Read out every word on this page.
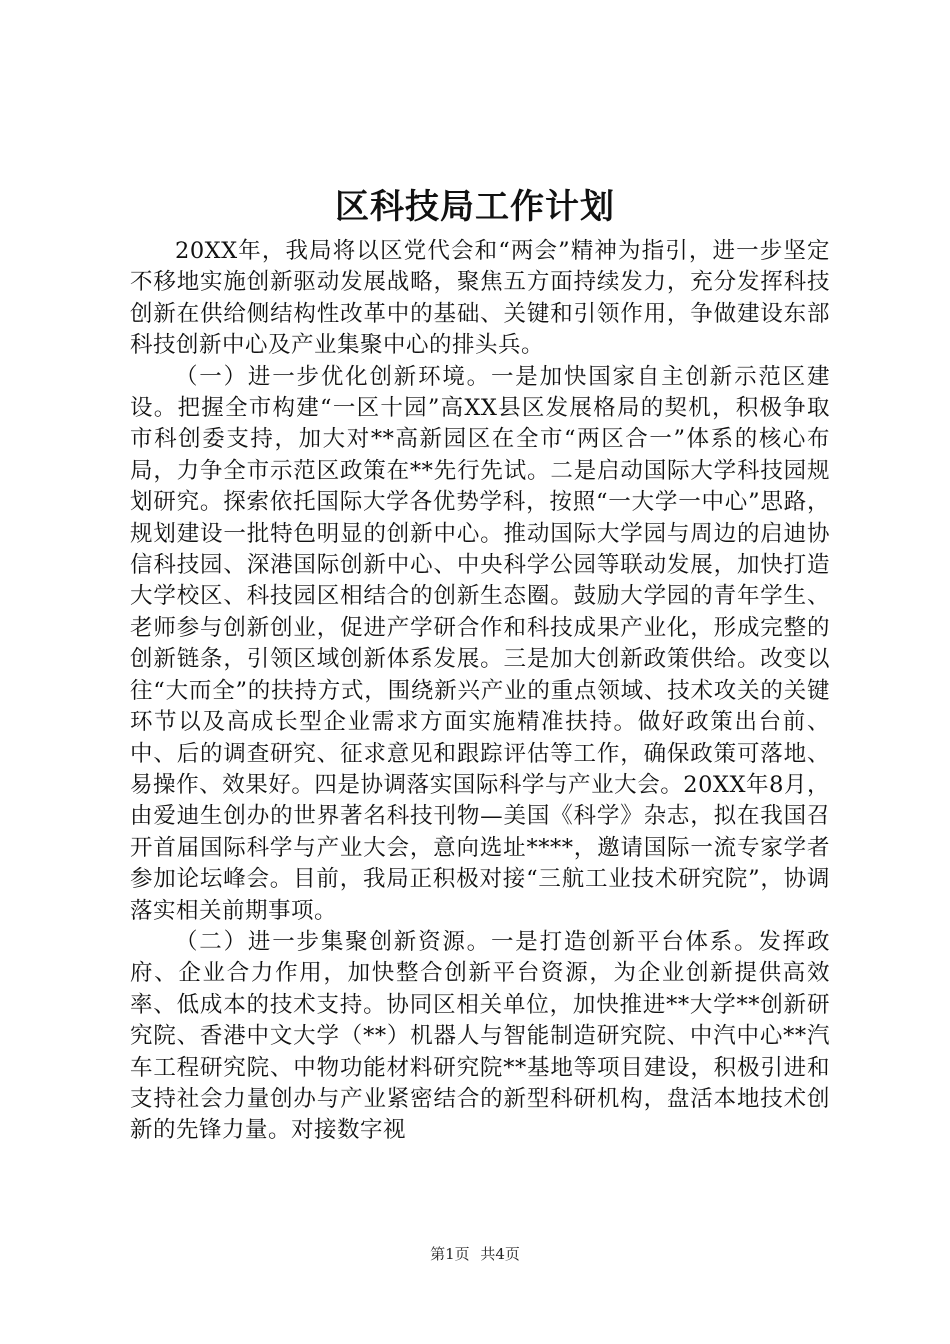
区科技局工作计划

20XX年，我局将以区党代会和“两会”精神为指引，进一步坚定不移地实施创新驱动发展战略，聚焦五方面持续发力，充分发挥科技创新在供给侧结构性改革中的基础、关键和引领作用，争做建设东部科技创新中心及产业集聚中心的排头兵。

（一）进一步优化创新环境。一是加快国家自主创新示范区建设。把握全市构建“一区十园”高XX县区发展格局的契机，积极争取市科创委支持，加大对**高新园区在全市“两区合一”体系的核心布局，力争全市示范区政策在**先行先试。二是启动国际大学科技园规划研究。探索依托国际大学各优势学科，按照“一大学一中心”思路，规划建设一批特色明显的创新中心。推动国际大学园与周边的启迪协信科技园、深港国际创新中心、中央科学公园等联动发展，加快打造大学校区、科技园区相结合的创新生态圈。鼓励大学园的青年学生、老师参与创新创业，促进产学研合作和科技成果产业化，形成完整的创新链条，引领区域创新体系发展。三是加大创新政策供给。改变以往“大而全”的扶持方式，围绕新兴产业的重点领域、技术攻关的关键环节以及高成长型企业需求方面实施精准扶持。做好政策出台前、中、后的调查研究、征求意见和跟踪评估等工作，确保政策可落地、易操作、效果好。四是协调落实国际科学与产业大会。20XX年8月，由爱迪生创办的世界著名科技刊物—美国《科学》杂志，拟在我国召开首届国际科学与产业大会，意向选址****，邀请国际一流专家学者参加论坛峰会。目前，我局正积极对接“三航工业技术研究院”，协调落实相关前期事项。

（二）进一步集聚创新资源。一是打造创新平台体系。发挥政府、企业合力作用，加快整合创新平台资源，为企业创新提供高效率、低成本的技术支持。协同区相关单位，加快推进**大学**创新研究院、香港中文大学（**）机器人与智能制造研究院、中汽中心**汽车工程研究院、中物功能材料研究院**基地等项目建设，积极引进和支持社会力量创办与产业紧密结合的新型科研机构，盘活本地技术创新的先锋力量。对接数字视

第1页 共4页
